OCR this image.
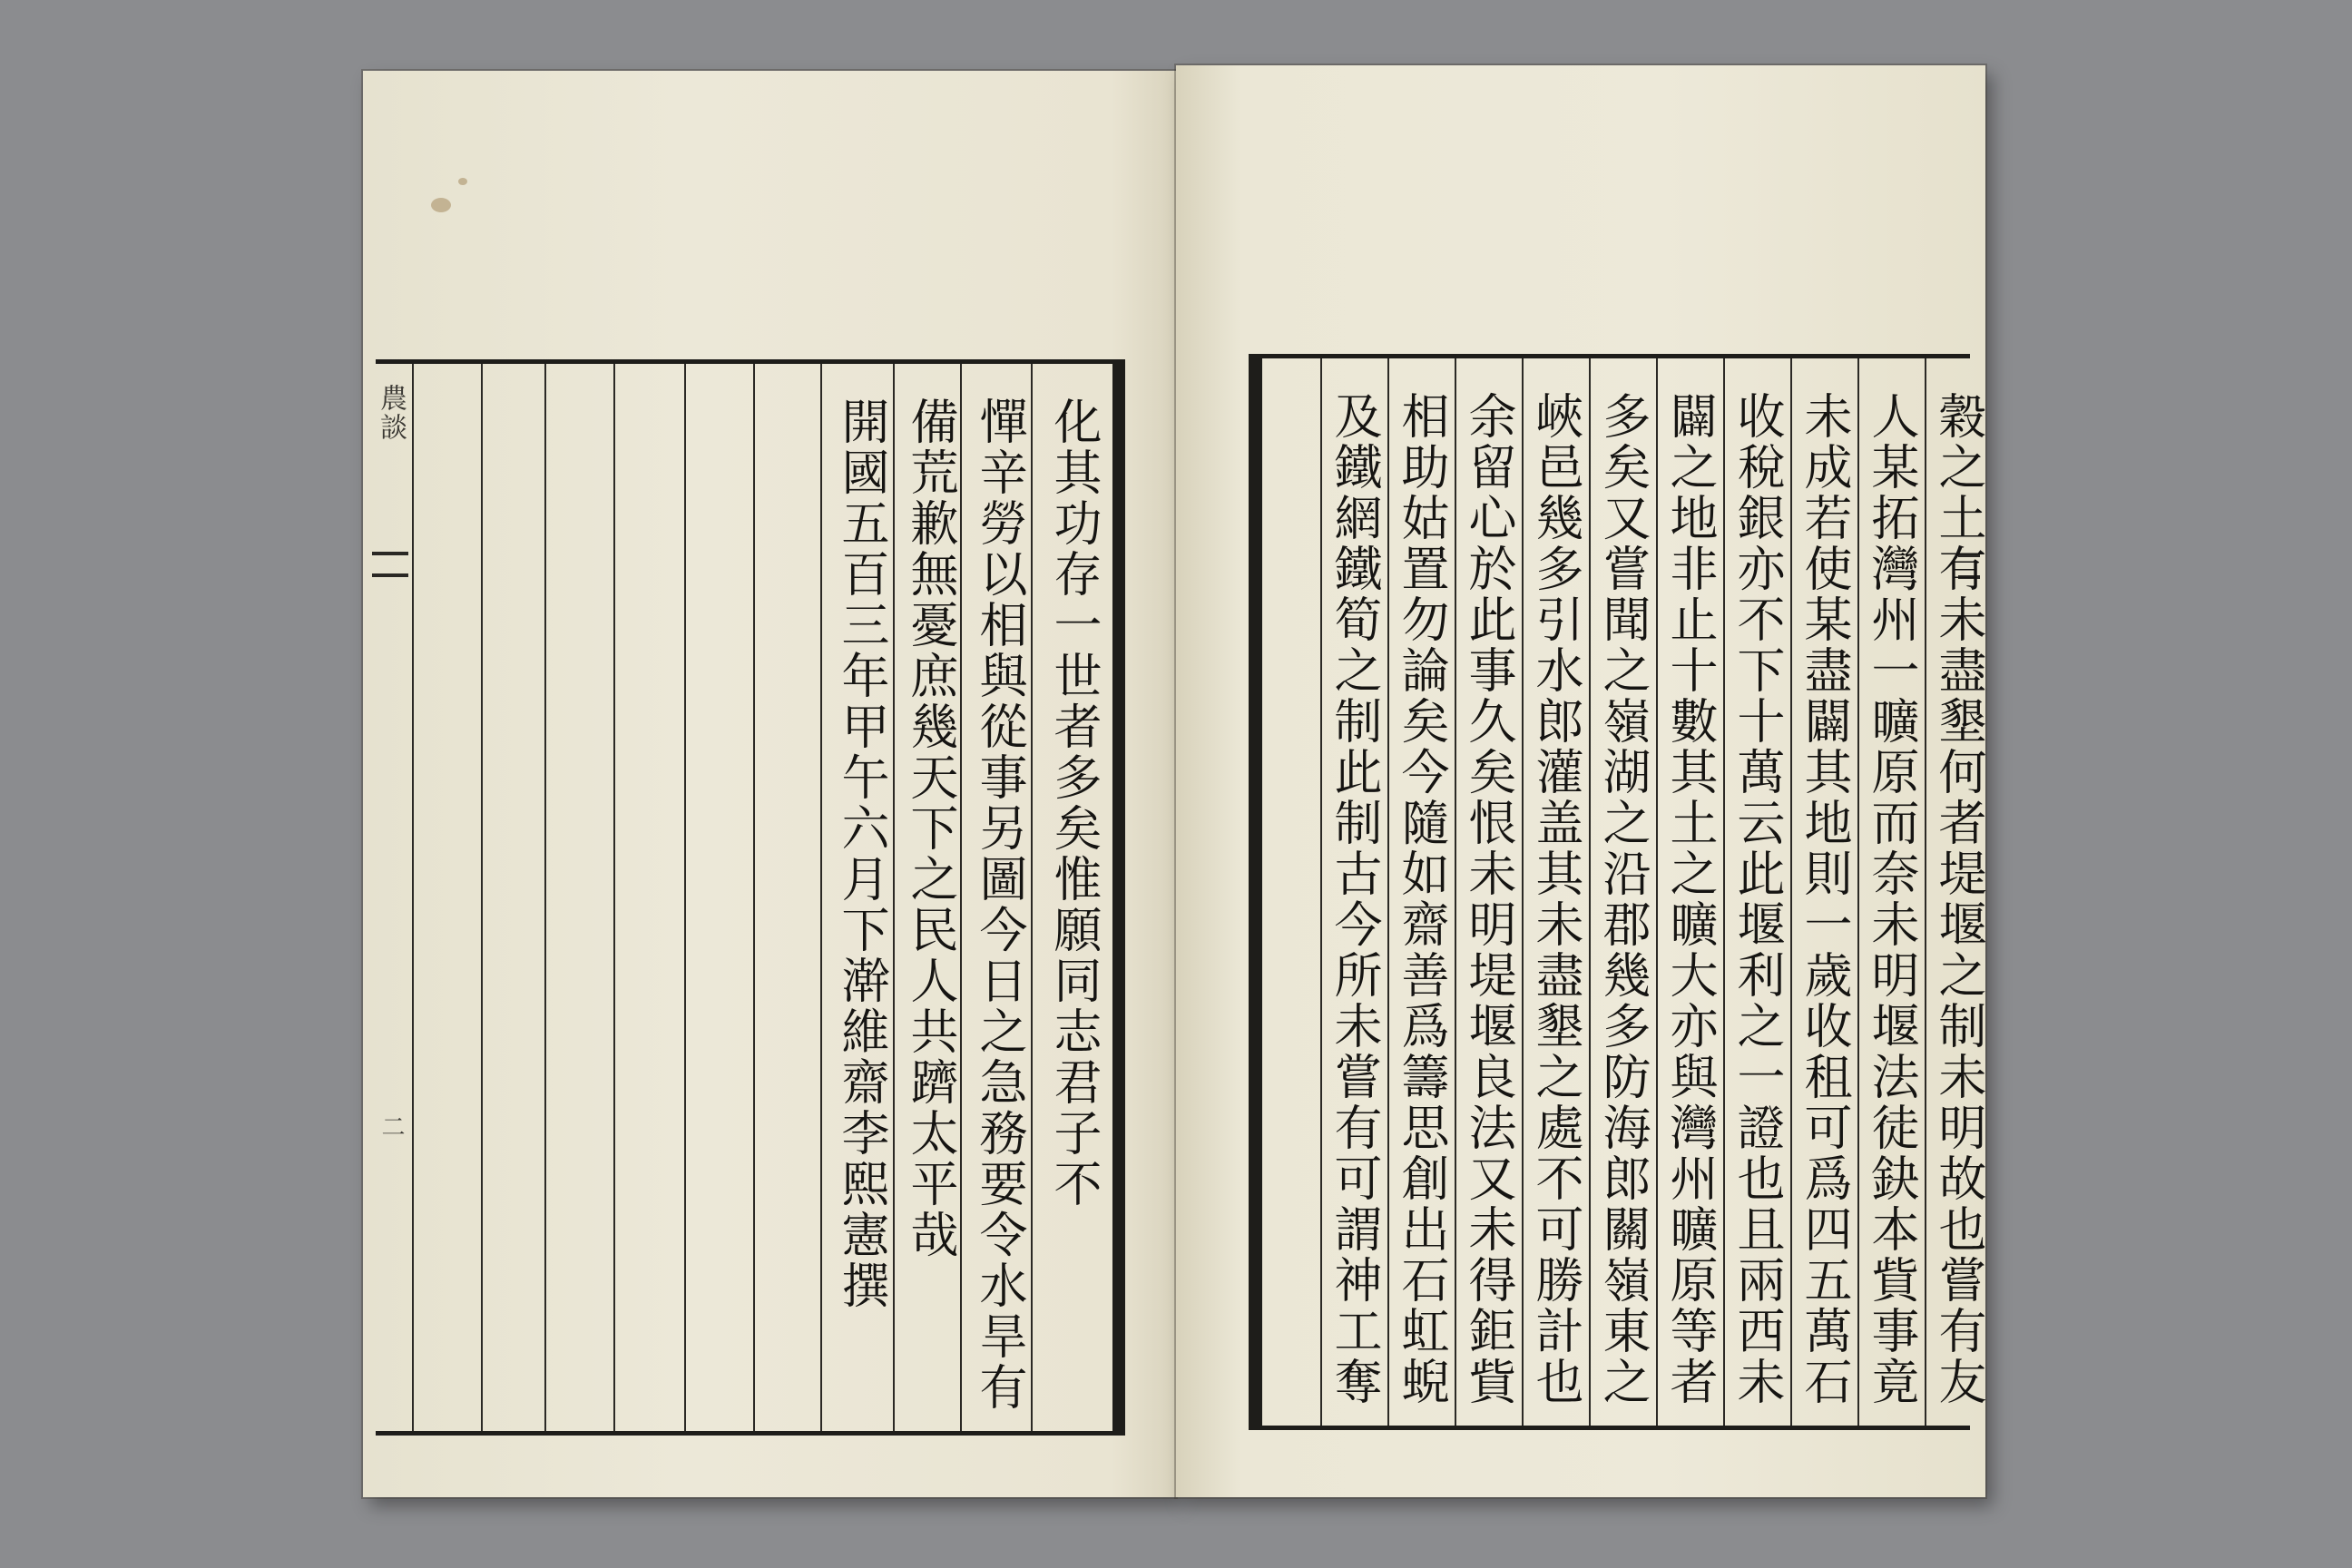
農談
二	化其功存一世者多矣惟願同志君子不
憚辛勞以相與從事另圖今日之急務要令水旱有
備荒歉無憂庶幾天下之民人共躋太平哉
開國五百三年甲午六月下澣維齋李熙憲撰	穀之土有未盡墾何者堤堰之制未明故也嘗有友
人某拓灣州一曠原而奈未明堰法徒鈌本貲事竟
未成若使某盡闢其地則一歲收租可爲四五萬石
收稅銀亦不下十萬云此堰利之一證也且兩西未
闢之地非止十數其土之曠大亦與灣州曠原等者
多矣又嘗聞之嶺湖之沿郡幾多防海郎關嶺東之
峽邑幾多引水郎灌盖其未盡墾之處不可勝計也
余留心於此事久矣恨未明堤堰良法又未得鉅貲
相助姑置勿論矣今隨如齋善爲籌思創出石虹蜺
及鐵網鐵筍之制此制古今所未嘗有可謂神工奪
